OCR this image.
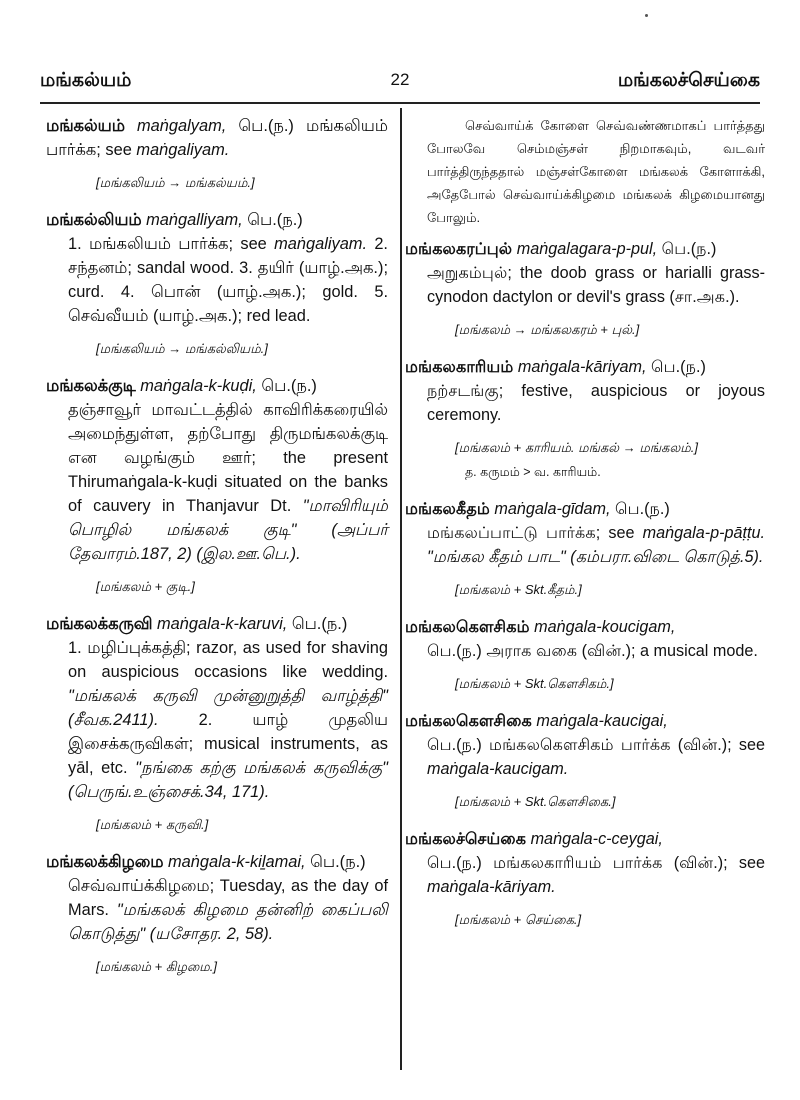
மங்கல்யம்	22	மங்கலச்செய்கை
மங்கல்யம் maṅgalyam, பெ.(ந.) மங்கலியம் பார்க்க; see maṅgaliyam.
[மங்கலியம் → மங்கல்யம்.]
மங்கல்லியம் maṅgalliyam, பெ.(ந.)
1. மங்கலியம் பார்க்க; see maṅgaliyam. 2. சந்தனம்; sandal wood. 3. தயிர் (யாழ்.அக.); curd. 4. பொன் (யாழ்.அக.); gold. 5. செவ்வீயம் (யாழ்.அக.); red lead.
[மங்கலியம் → மங்கல்லியம்.]
மங்கலக்குடி maṅgala-k-kuḍi, பெ.(ந.)
தஞ்சாவூர் மாவட்டத்தில் காவிரிக்கரையில் அமைந்துள்ள, தற்போது திருமங்கலக்குடி என வழங்கும் ஊர்; the present Thirumaṅgala-k-kuḍi situated on the banks of cauvery in Thanjavur Dt. "மாவிரியும் பொழில் மங்கலக் குடி" (அப்பர் தேவாரம்.187, 2) (இல.ஊ.பெ.).
[மங்கலம் + குடி.]
மங்கலக்கருவி maṅgala-k-karuvi, பெ.(ந.)
1. மழிப்புக்கத்தி; razor, as used for shaving on auspicious occasions like wedding. "மங்கலக் கருவி முன்னுறுத்தி வாழ்த்தி" (சீவக.2411). 2. யாழ் முதலிய இசைக்கருவிகள்; musical instruments, as yāl, etc. "நங்கை கற்கு மங்கலக் கருவிக்கு" (பெருங்.உஞ்சைக்.34, 171).
[மங்கலம் + கருவி.]
மங்கலக்கிழமை maṅgala-k-kiḻamai, பெ.(ந.)
செவ்வாய்க்கிழமை; Tuesday, as the day of Mars. "மங்கலக் கிழமை தன்னிற் கைப்பலி கொடுத்து" (யசோதர. 2, 58).
[மங்கலம் + கிழமை.]
செவ்வாய்க் கோளை செவ்வண்ணமாகப் பார்த்தது போலவே செம்மஞ்சள் நிறமாகவும், வடவர் பார்த்திருந்ததால் மஞ்சள்கோளை மங்கலக் கோளாக்கி, அதேபோல் செவ்வாய்க்கிழமை மங்கலக் கிழமையானது போலும்.
மங்கலகரப்புல் maṅgalagara-p-pul, பெ.(ந.)
அறுகம்புல்; the doob grass or harialli grass-cynodon dactylon or devil's grass (சா.அக.).
[மங்கலம் → மங்கலகரம் + புல்.]
மங்கலகாரியம் maṅgala-kāriyam, பெ.(ந.)
நற்சடங்கு; festive, auspicious or joyous ceremony.
[மங்கலம் + காரியம். மங்கல் → மங்கலம்.]
த. கருமம் > வ. காரியம்.
மங்கலகீதம் maṅgala-gīdam, பெ.(ந.)
மங்கலப்பாட்டு பார்க்க; see maṅgala-p-pāṭṭu. "மங்கல கீதம் பாட" (கம்பரா.விடை கொடுத்.5).
[மங்கலம் + Skt.கீதம்.]
மங்கலகௌசிகம் maṅgala-koucigam,
பெ.(ந.) அராக வகை (வின்.); a musical mode.
[மங்கலம் + Skt.கௌசிகம்.]
மங்கலகௌசிகை maṅgala-kaucigai,
பெ.(ந.) மங்கலகௌசிகம் பார்க்க (வின்.); see maṅgala-kaucigam.
[மங்கலம் + Skt.கௌசிகை.]
மங்கலச்செய்கை maṅgala-c-ceygai,
பெ.(ந.) மங்கலகாரியம் பார்க்க (வின்.); see maṅgala-kāriyam.
[மங்கலம் + செய்கை.]
